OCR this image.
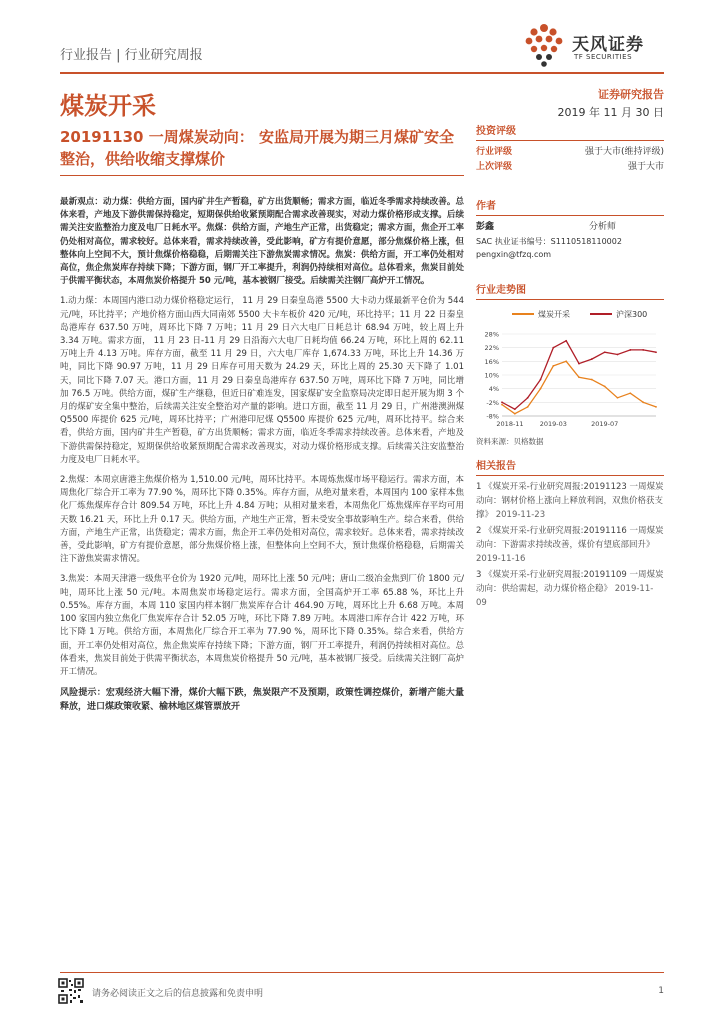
行业报告 | 行业研究周报
天风证券
TF SECURITIES
煤炭开采	证券研究报告
2019 年 11 月 30 日
20191130 一周煤炭动向： 安监局开展为期三月煤矿安全整治，供给收缩支撑煤价

最新观点：动力煤：供给方面，国内矿井生产暂稳，矿方出货顺畅；需求方面，临近冬季需求持续改善。总体来看，产地及下游供需保持稳定，短期保供给收紧预期配合需求改善现实，对动力煤价格形成支撑。后续需关注安监整治力度及电厂日耗水平。焦煤：供给方面，产地生产正常，出货稳定；需求方面，焦企开工率仍处相对高位，需求较好。总体来看，需求持续改善，受此影响，矿方有提价意愿，部分焦煤价格上涨，但整体向上空间不大，预计焦煤价格稳稳，后期需关注下游焦炭需求情况。焦炭：供给方面，开工率仍处相对高位，焦企焦炭库存持续下降；下游方面，钢厂开工率提升，利润仍持续相对高位。总体看来，焦炭目前处于供需平衡状态，本周焦炭价格提升 50 元/吨，基本被钢厂接受。后续需关注钢厂高炉开工情况。

1.动力煤：本周国内港口动力煤价格稳定运行， 11 月 29 日秦皇岛港 5500 大卡动力煤最新平仓价为 544 元/吨，环比持平；产地价格方面山西大同南郊 5500 大卡车板价 420 元/吨，环比持平；11 月 22 日秦皇岛港库存 637.50 万吨，周环比下降 7 万吨；11 月 29 日六大电厂日耗总计 68.94 万吨，较上周上升 3.34 万吨。需求方面， 11 月 23 日-11 月 29 日沿海六大电厂日耗均值 66.24 万吨，环比上周的 62.11 万吨上升 4.13 万吨。库存方面，截至 11 月 29 日，六大电厂库存 1,674.33 万吨，环比上升 14.36 万吨，同比下降 90.97 万吨，11 月 29 日库存可用天数为 24.29 天，环比上周的 25.30 天下降了 1.01 天，同比下降 7.07 天。港口方面，11 月 29 日秦皇岛港库存 637.50 万吨，周环比下降 7 万吨，同比增加 76.5 万吨。供给方面，煤矿生产继稳，但近日矿难连发，国家煤矿安全监察局决定即日起开展为期 3 个月的煤矿安全集中整治，后续需关注安全整治对产量的影响。进口方面，截至 11 月 29 日，广州港澳洲煤 Q5500 库提价 625 元/吨，周环比持平；广州港印尼煤 Q5500 库提价 625 元/吨，周环比持平。综合来看，供给方面，国内矿井生产暂稳，矿方出货顺畅；需求方面，临近冬季需求持续改善。总体来看，产地及下游供需保持稳定，短期保供给收紧预期配合需求改善现实，对动力煤价格形成支撑。后续需关注安监整治力度及电厂日耗水平。

2.焦煤：本周京唐港主焦煤价格为 1,510.00 元/吨，周环比持平。本周炼焦煤市场平稳运行。需求方面，本周焦化厂综合开工率为 77.90 %，周环比下降 0.35%。库存方面，从绝对量来看，本周国内 100 家样本焦化厂炼焦煤库存合计 809.54 万吨，环比上升 4.84 万吨；从相对量来看，本周焦化厂炼焦煤库存平均可用天数 16.21 天，环比上升 0.17 天。供给方面，产地生产正常，暂未受安全事故影响生产。综合来看，供给方面，产地生产正常，出货稳定；需求方面，焦企开工率仍处相对高位，需求较好。总体来看，需求持续改善，受此影响，矿方有提价意愿，部分焦煤价格上涨，但整体向上空间不大，预计焦煤价格稳稳，后期需关注下游焦炭需求情况。

3.焦炭：本周天津港一级焦平仓价为 1920 元/吨，周环比上涨 50 元/吨；唐山二级冶金焦到厂价 1800 元/吨，周环比上涨 50 元/吨。本周焦炭市场稳定运行。需求方面，全国高炉开工率 65.88 %，环比上升 0.55%。库存方面，本周 110 家国内样本钢厂焦炭库存合计 464.90 万吨，周环比上升 6.68 万吨。本周 100 家国内独立焦化厂焦炭库存合计 52.05 万吨，环比下降 7.89 万吨。本周港口库存合计 422 万吨，环比下降 1 万吨。供给方面，本周焦化厂综合开工率为 77.90 %，周环比下降 0.35%。综合来看，供给方面，开工率仍处相对高位，焦企焦炭库存持续下降；下游方面，钢厂开工率提升，利润仍持续相对高位。总体看来，焦炭目前处于供需平衡状态，本周焦炭价格提升 50 元/吨，基本被钢厂接受。后续需关注钢厂高炉开工情况。

风险提示：宏观经济大幅下滑，煤价大幅下跌，焦炭限产不及预期，政策性调控煤价，新增产能大量释放，进口煤政策收紧、榆林地区煤管票放开

投资评级
行业评级	强于大市(维持评级)
上次评级	强于大市
作者
彭鑫	分析师
SAC 执业证书编号：S1110518110002
pengxin@tfzq.com
行业走势图
煤炭开采	沪深300
28%
22%
16%
10%
4%
-2%
-8%
2018-11 2019-03	2019-07
资料来源：贝格数据
相关报告
1 《煤炭开采-行业研究周报:20191123 一周煤炭动向：钢材价格上涨向上释放利润，双焦价格获支撑》 2019-11-23
2 《煤炭开采-行业研究周报:20191116 一周煤炭动向：下游需求持续改善，煤价有望底部回升》 2019-11-16
3 《煤炭开采-行业研究周报:20191109 一周煤炭动向：供给需起，动力煤价格企稳》 2019-11-09
请务必阅读正文之后的信息披露和免责申明	1
